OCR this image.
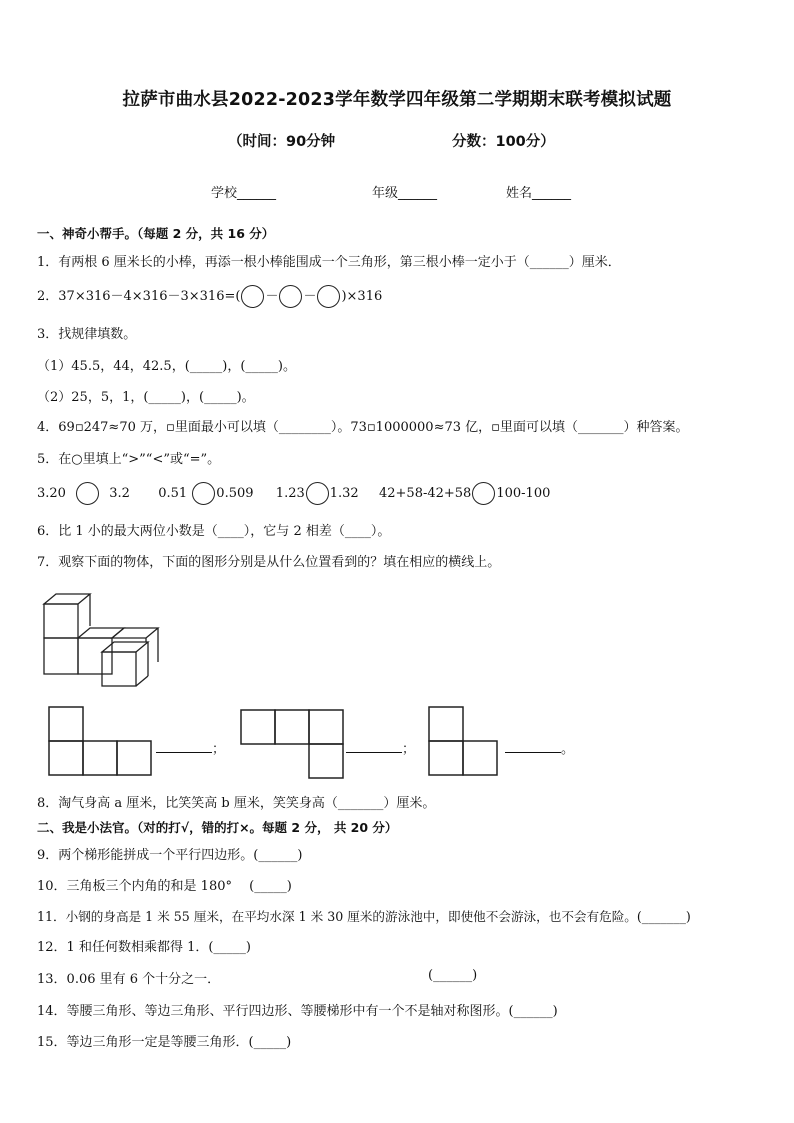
拉萨市曲水县2022-2023学年数学四年级第二学期期末联考模拟试题
（时间：90分钟	分数：100分）
学校______	年级______	姓名______
一、神奇小帮手。（每题 2 分，共 16 分）
1．有两根 6 厘米长的小棒，再添一根小棒能围成一个三角形，第三根小棒一定小于（______）厘米．
2．37×316－4×316－3×316=( － － )×316
3．找规律填数。
（1）45.5，44，42.5，(_____)，(_____)。
（2）25，5，1，(_____)，(_____)。
4．69▫247≈70 万，▫里面最小可以填（________）。73▫1000000≈73 亿，▫里面可以填（_______）种答案。
5．在○里填上“>”“<”或“=”。
3.20	3.2 0.51 0.509 1.23 1.32 42+58-42+58 100-100
6．比 1 小的最大两位小数是（____），它与 2 相差（____）。
7．观察下面的物体，下面的图形分别是从什么位置看到的？填在相应的横线上。
；	；	。
8．淘气身高 a 厘米，比笑笑高 b 厘米，笑笑身高（_______）厘米。
二、我是小法官。（对的打√，错的打×。每题 2 分， 共 20 分）
9．两个梯形能拼成一个平行四边形。(______)
10．三角板三个内角的和是 180°　 (_____)
11．小钢的身高是 1 米 55 厘米，在平均水深 1 米 30 厘米的游泳池中，即使他不会游泳，也不会有危险。(_______)
12．1 和任何数相乘都得 1．(_____)
13．0.06 里有 6 个十分之一．	(______)
14．等腰三角形、等边三角形、平行四边形、等腰梯形中有一个不是轴对称图形。(______)
15．等边三角形一定是等腰三角形．(_____)
